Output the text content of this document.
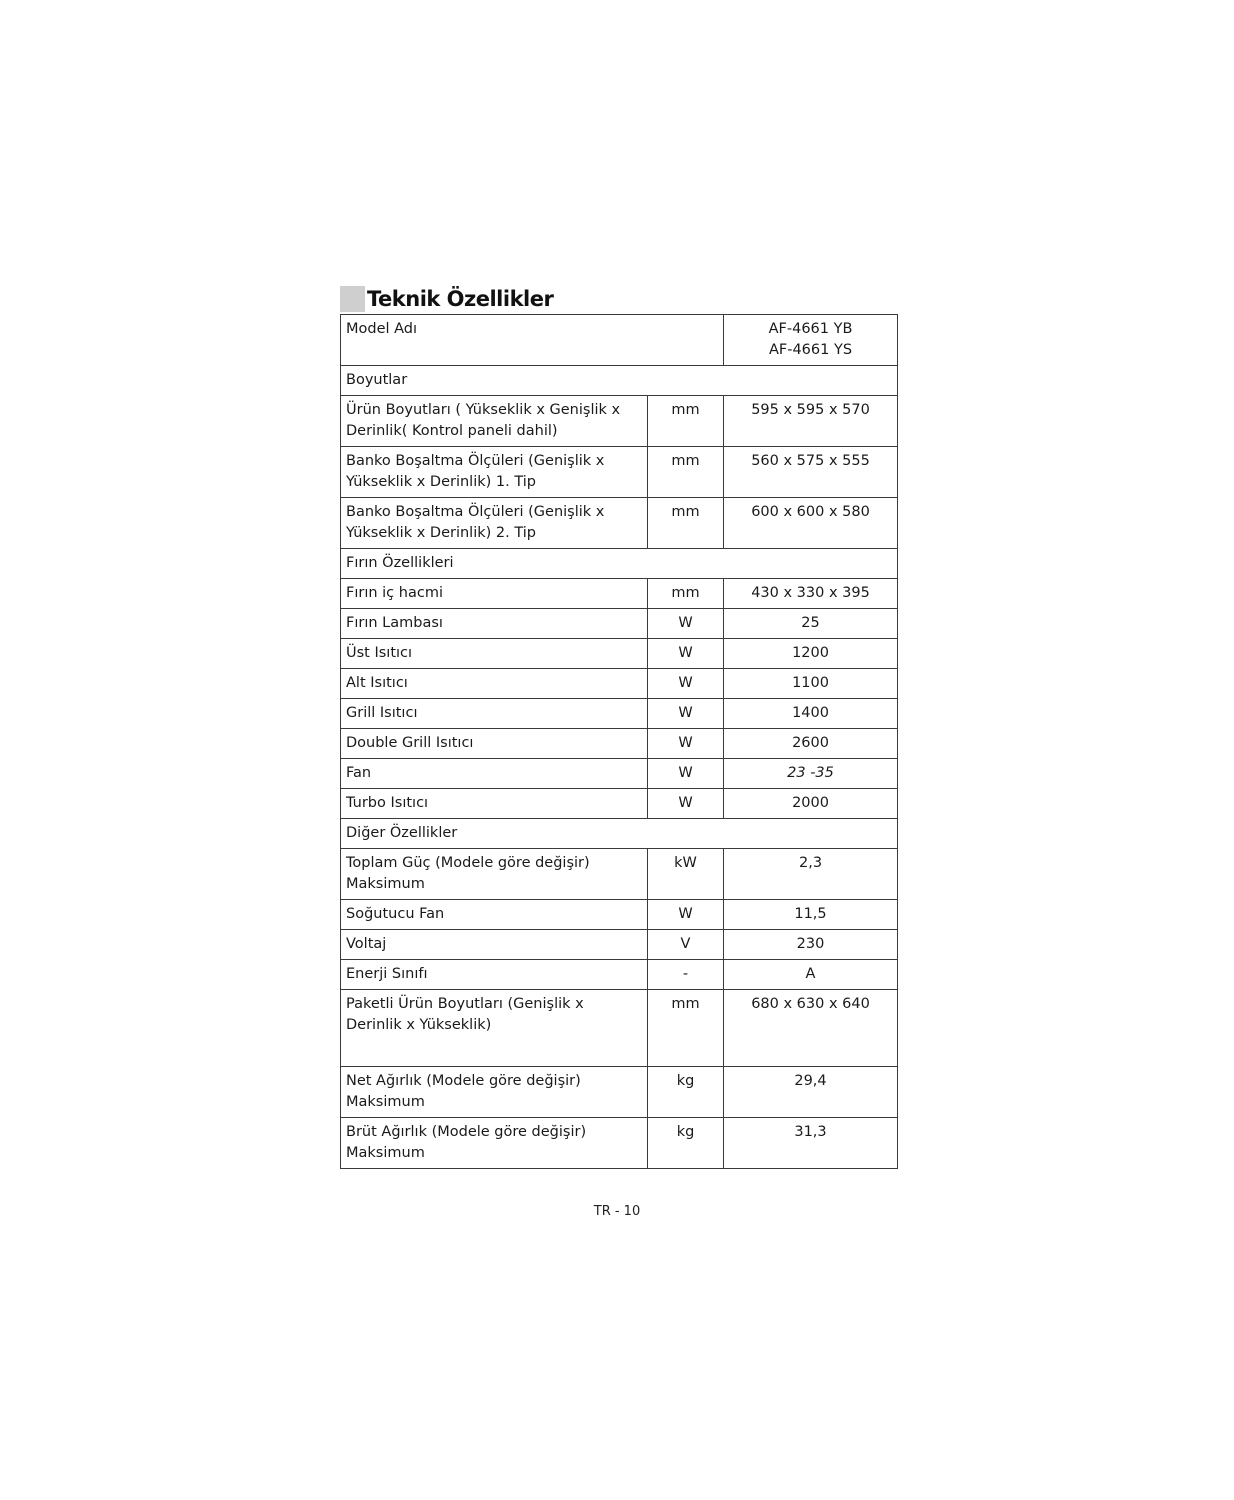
Teknik Özellikler
Model Adı		AF-4661 YB
AF-4661 YS

Boyutlar		
Ürün Boyutları ( Yükseklik x Genişlik x Derinlik( Kontrol paneli dahil)	mm	595 x 595 x 570
Banko Boşaltma Ölçüleri (Genişlik x Yükseklik x Derinlik) 1. Tip	mm	560 x 575 x 555
Banko Boşaltma Ölçüleri (Genişlik x Yükseklik x Derinlik) 2. Tip	mm	600 x 600 x 580
Fırın Özellikleri		
Fırın iç hacmi	mm	430 x 330 x 395
Fırın Lambası	W	25
Üst Isıtıcı	W	1200
Alt Isıtıcı	W	1100
Grill Isıtıcı	W	1400
Double Grill Isıtıcı	W	2600
Fan	W	23 -35
Turbo Isıtıcı	W	2000
Diğer Özellikler		
Toplam Güç (Modele göre değişir) Maksimum	kW	2,3
Soğutucu Fan	W	11,5
Voltaj	V	230
Enerji Sınıfı	-	A
Paketli Ürün Boyutları (Genişlik x Derinlik x Yükseklik)	mm	680 x 630 x 640
Net Ağırlık (Modele göre değişir) Maksimum	kg	29,4
Brüt Ağırlık (Modele göre değişir) Maksimum	kg	31,3
TR - 10
